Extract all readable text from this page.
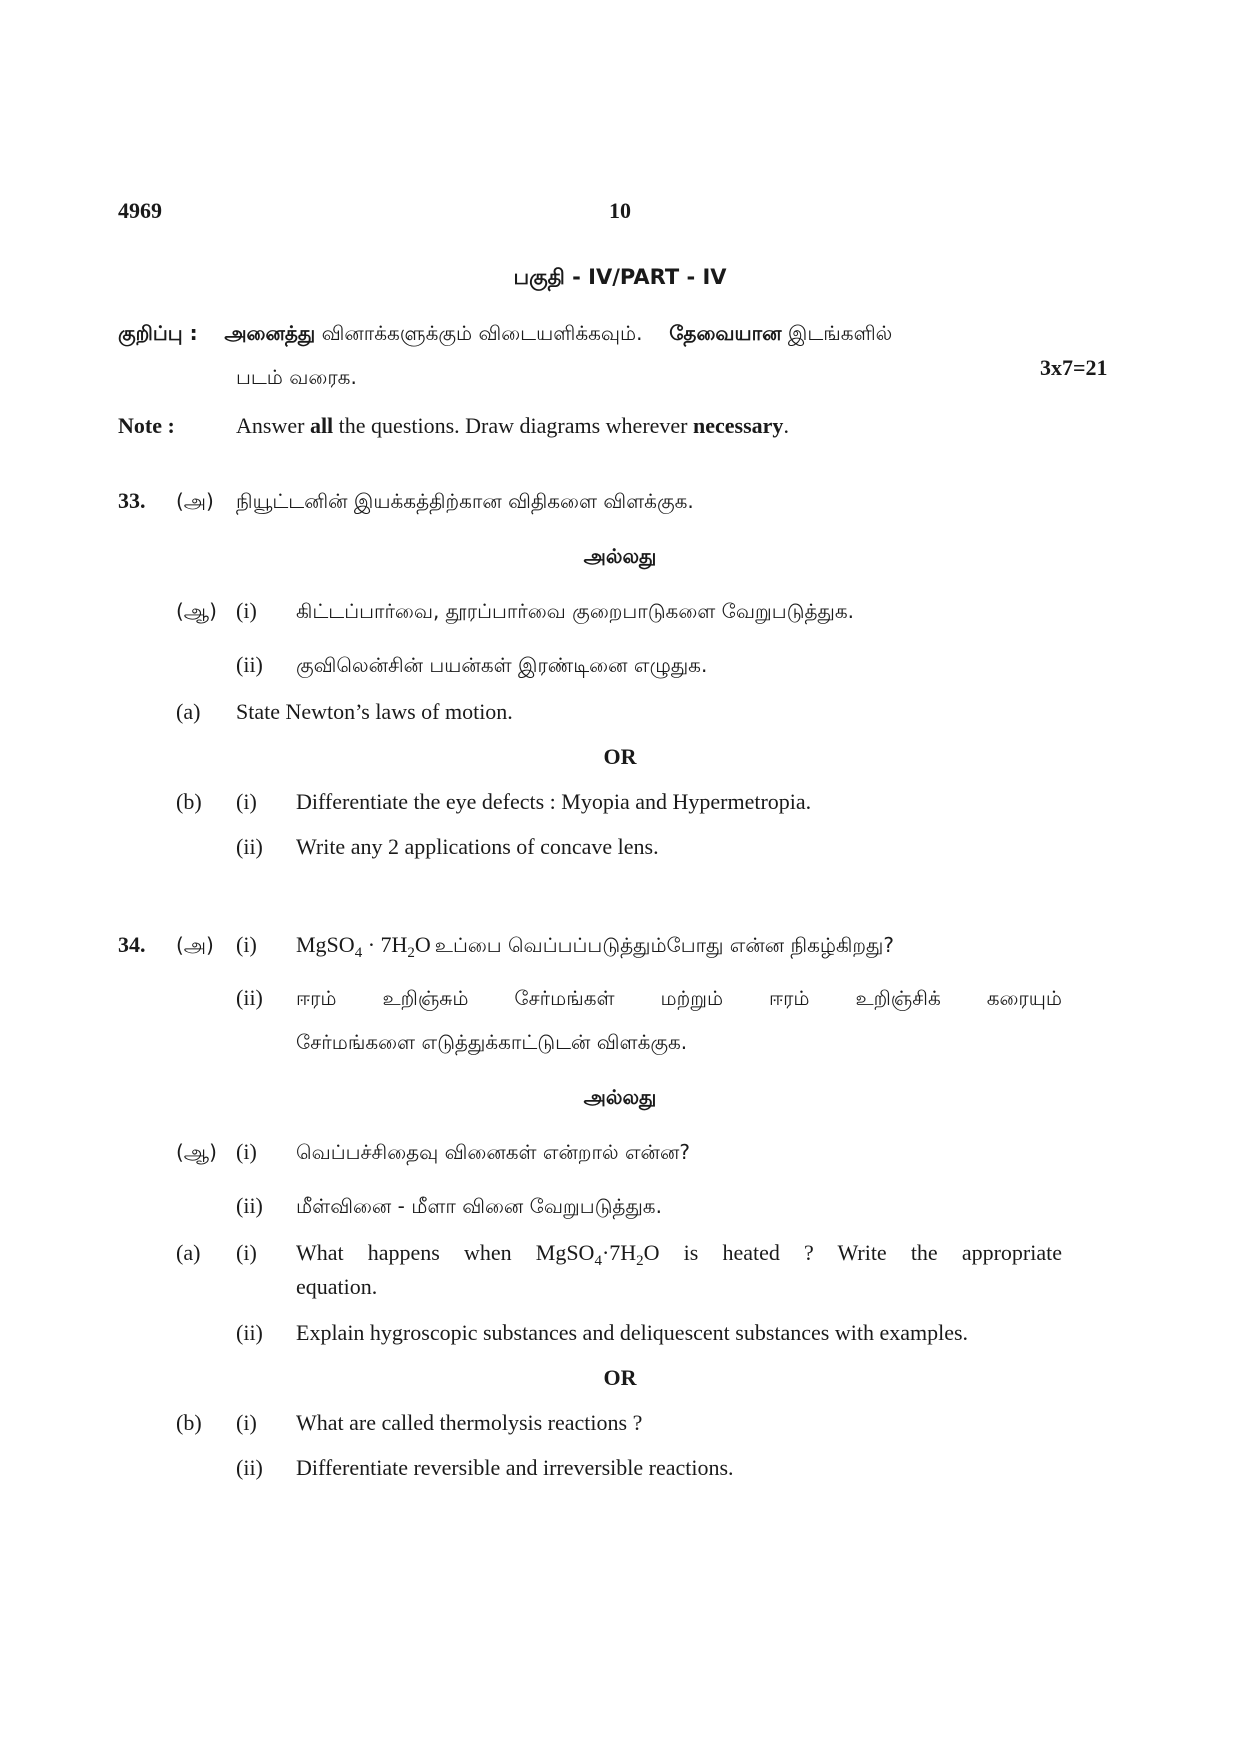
4969	10
பகுதி - IV/PART - IV
குறிப்பு : அனைத்து வினாக்களுக்கும் விடையளிக்கவும். தேவையான இடங்களில்
3x7=21
படம் வரைக.
Note :	Answer all the questions. Draw diagrams wherever necessary.
33. (அ) நியூட்டனின் இயக்கத்திற்கான விதிகளை விளக்குக.
அல்லது
(ஆ) (i) கிட்டப்பார்வை, தூரப்பார்வை குறைபாடுகளை வேறுபடுத்துக.
(ii) குவிலென்சின் பயன்கள் இரண்டினை எழுதுக.
(a) State Newton’s laws of motion.
OR
(b) (i) Differentiate the eye defects : Myopia and Hypermetropia.
(ii) Write any 2 applications of concave lens.
34. (அ) (i) MgSO$_4$ · $7H_2O$ உப்பை வெப்பப்படுத்தும்போது என்ன நிகழ்கிறது?
(ii) ஈரம் உறிஞ்சும் சேர்மங்கள் மற்றும் ஈரம் உறிஞ்சிக் கரையும்
சேர்மங்களை எடுத்துக்காட்டுடன் விளக்குக.
அல்லது
(ஆ) (i) வெப்பச்சிதைவு வினைகள் என்றால் என்ன?
(ii) மீள்வினை - மீளா வினை வேறுபடுத்துக.
(a) (i) What happens when $MgSO_4\cdot 7H_2O$ is heated ? Write the appropriate
equation.
(ii) Explain hygroscopic substances and deliquescent substances with examples.
OR
(b) (i) What are called thermolysis reactions ?
(ii) Differentiate reversible and irreversible reactions.
